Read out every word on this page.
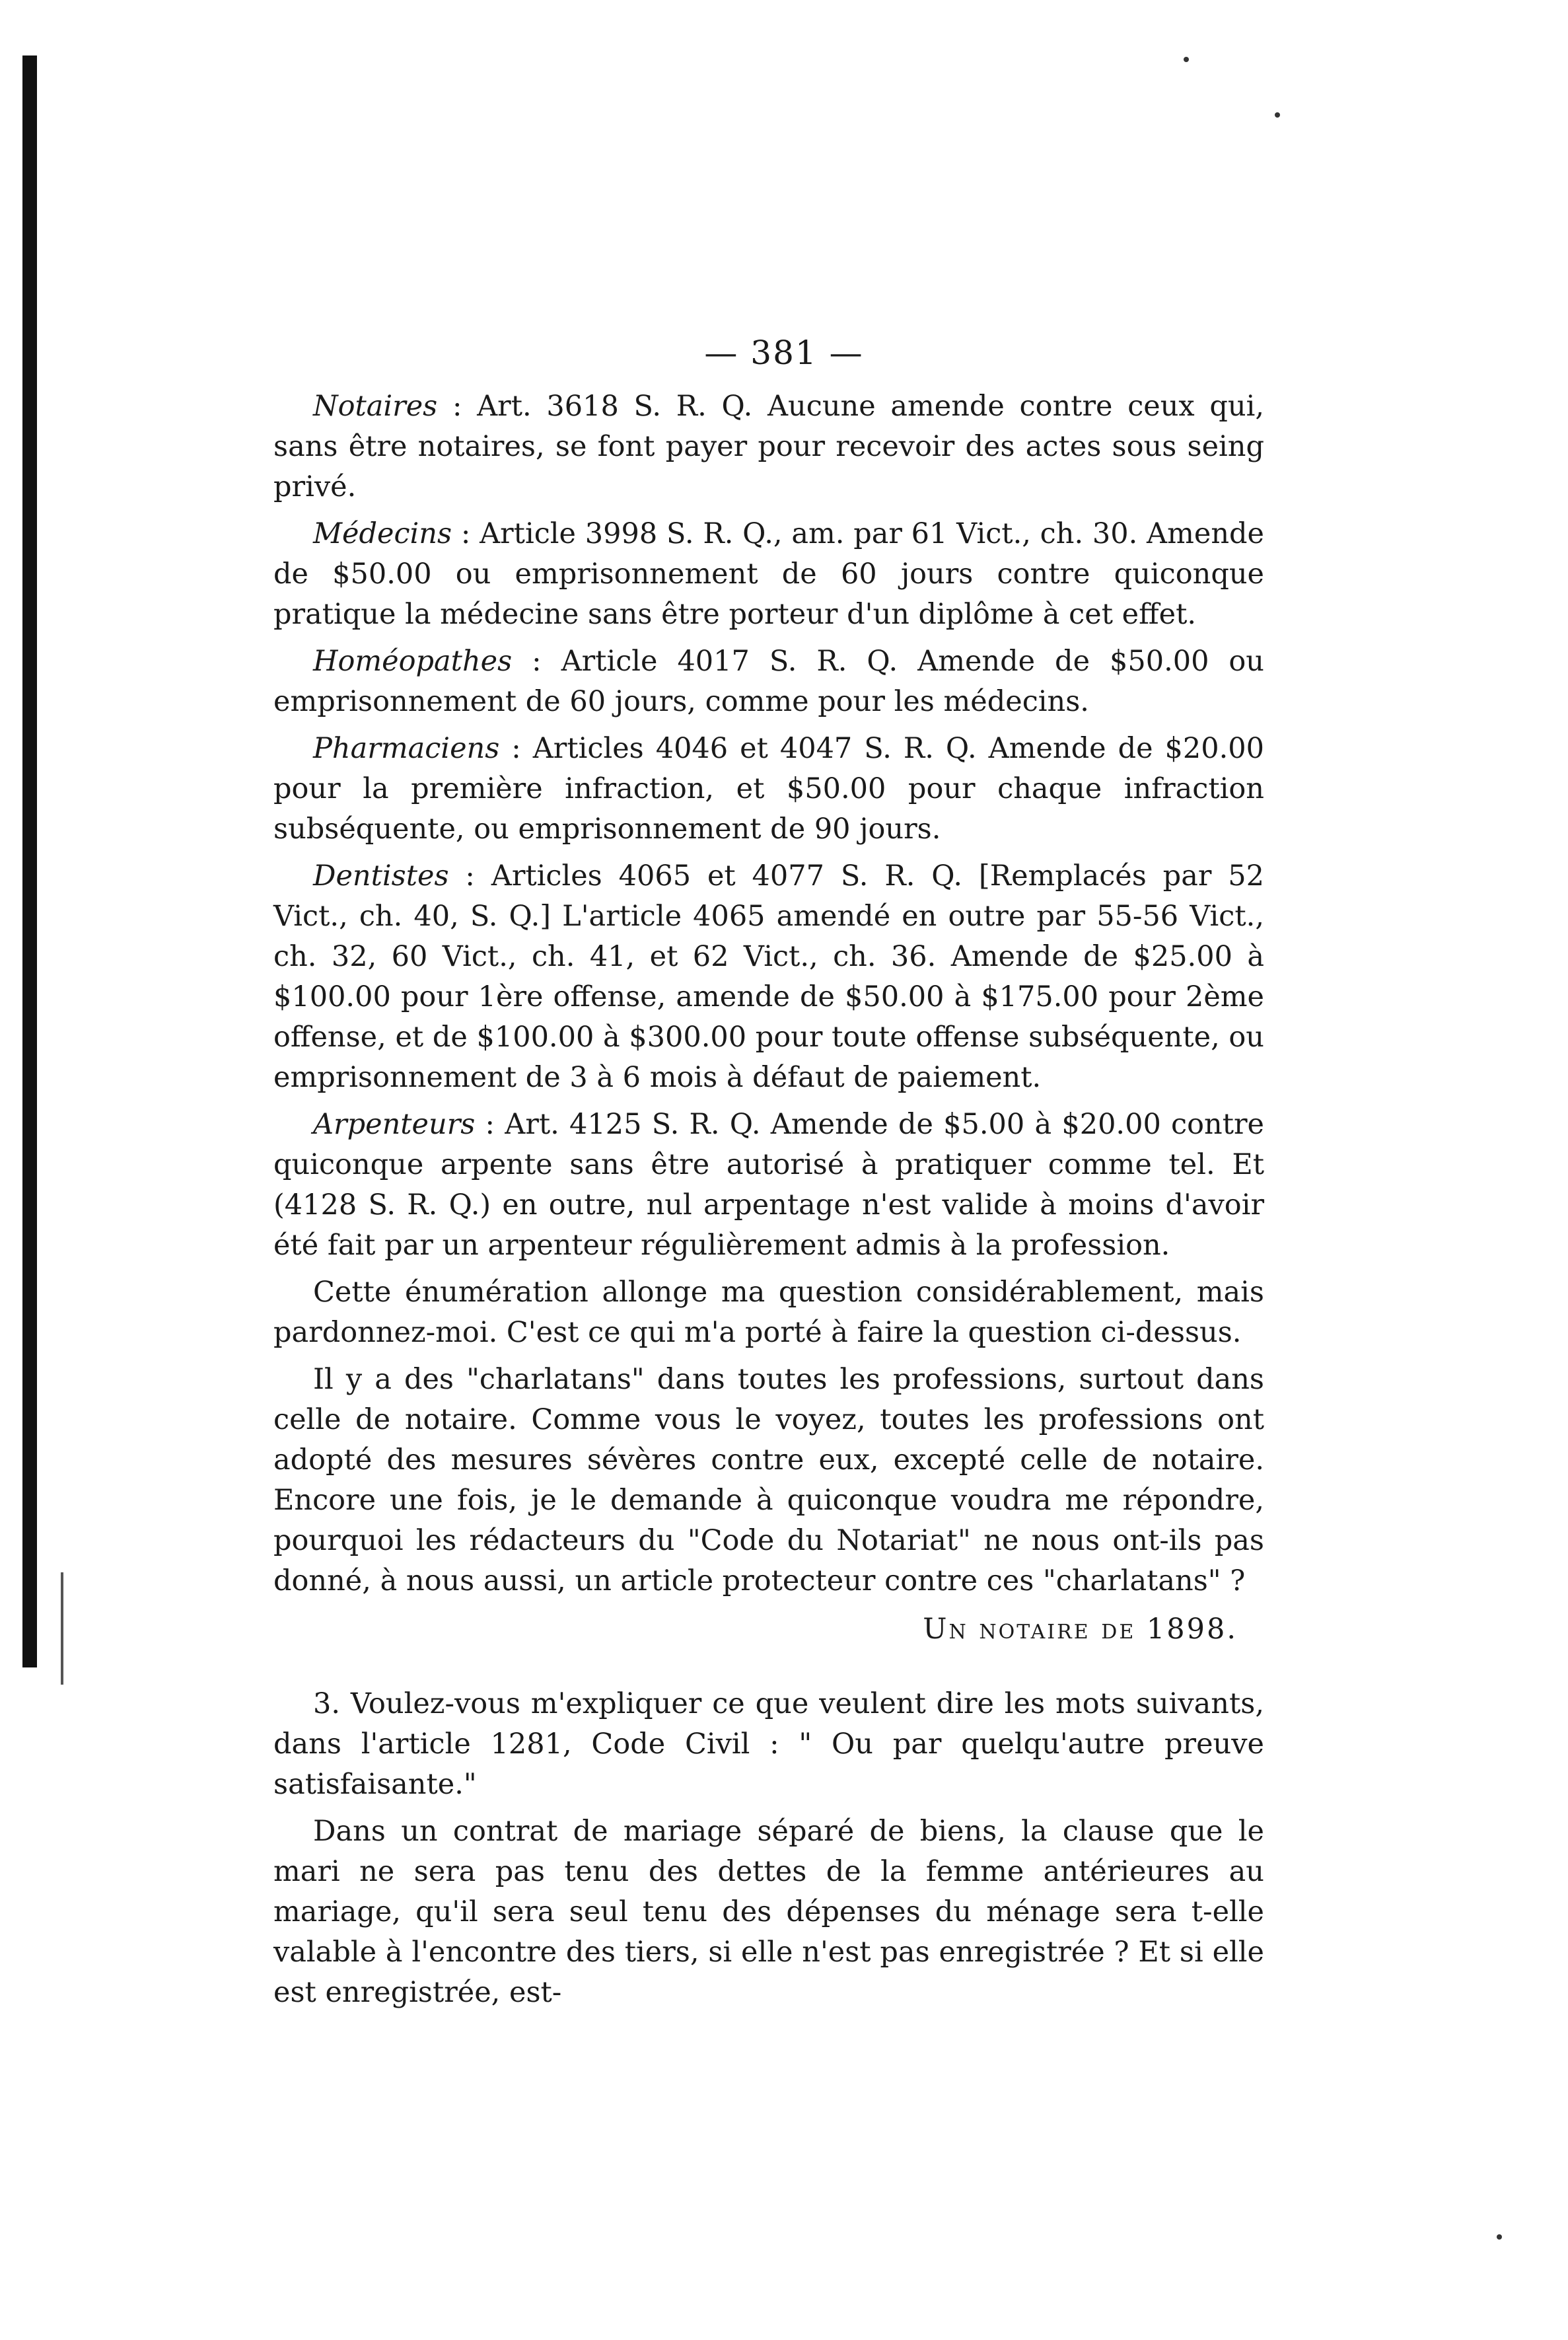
— 381 —

Notaires : Art. 3618 S. R. Q. Aucune amende contre ceux qui, sans être notaires, se font payer pour recevoir des actes sous seing privé.

Médecins : Article 3998 S. R. Q., am. par 61 Vict., ch. 30. Amende de $50.00 ou emprisonnement de 60 jours contre quiconque pratique la médecine sans être porteur d'un diplôme à cet effet.

Homéopathes : Article 4017 S. R. Q. Amende de $50.00 ou emprisonnement de 60 jours, comme pour les médecins.

Pharmaciens : Articles 4046 et 4047 S. R. Q. Amende de $20.00 pour la première infraction, et $50.00 pour chaque infraction subséquente, ou emprisonnement de 90 jours.

Dentistes : Articles 4065 et 4077 S. R. Q. [Remplacés par 52 Vict., ch. 40, S. Q.] L'article 4065 amendé en outre par 55-56 Vict., ch. 32, 60 Vict., ch. 41, et 62 Vict., ch. 36. Amende de $25.00 à $100.00 pour 1ère offense, amende de $50.00 à $175.00 pour 2ème offense, et de $100.00 à $300.00 pour toute offense subséquente, ou emprisonnement de 3 à 6 mois à défaut de paiement.

Arpenteurs : Art. 4125 S. R. Q. Amende de $5.00 à $20.00 contre quiconque arpente sans être autorisé à pratiquer comme tel. Et (4128 S. R. Q.) en outre, nul arpentage n'est valide à moins d'avoir été fait par un arpenteur régulièrement admis à la profession.

Cette énumération allonge ma question considérablement, mais pardonnez-moi. C'est ce qui m'a porté à faire la question ci-dessus.

Il y a des "charlatans" dans toutes les professions, surtout dans celle de notaire. Comme vous le voyez, toutes les professions ont adopté des mesures sévères contre eux, excepté celle de notaire. Encore une fois, je le demande à quiconque voudra me répondre, pourquoi les rédacteurs du "Code du Notariat" ne nous ont-ils pas donné, à nous aussi, un article protecteur contre ces "charlatans" ?

Un notaire de 1898.

3. Voulez-vous m'expliquer ce que veulent dire les mots suivants, dans l'article 1281, Code Civil : " Ou par quelqu'autre preuve satisfaisante."

Dans un contrat de mariage séparé de biens, la clause que le mari ne sera pas tenu des dettes de la femme antérieures au mariage, qu'il sera seul tenu des dépenses du ménage sera t-elle valable à l'encontre des tiers, si elle n'est pas enregistrée ? Et si elle est enregistrée, est-
